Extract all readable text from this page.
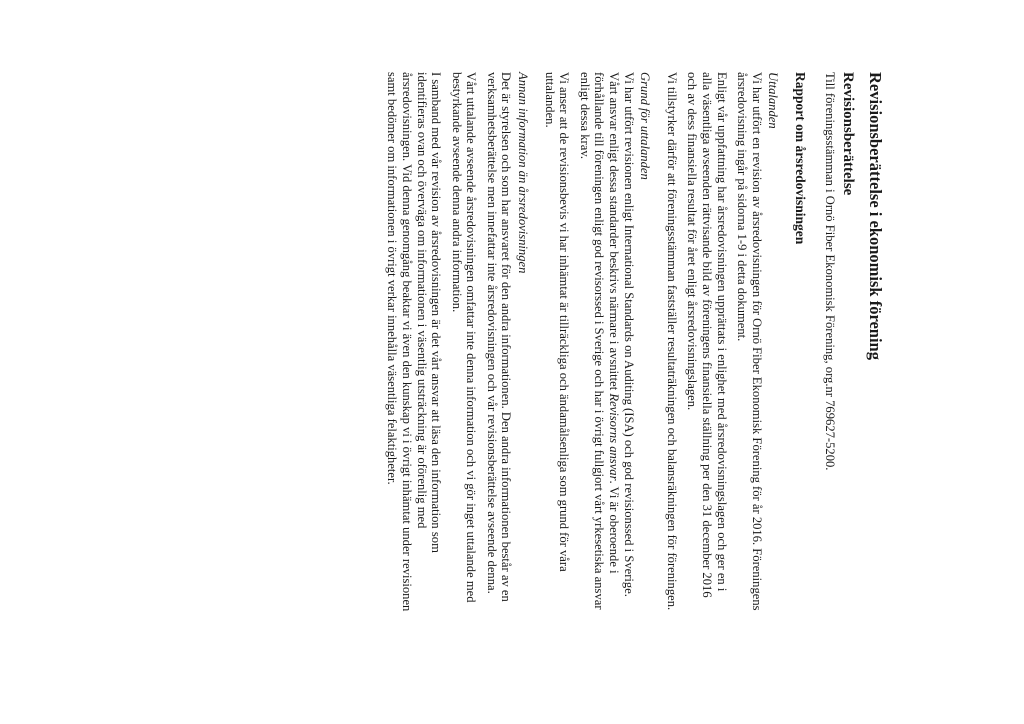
Revisionsberättelse i ekonomisk förening

Revisionsberättelse

Till föreningsstämman i Ornö Fiber Ekonomisk Förening, org.nr 769627-5200.

Rapport om årsredovisningen

Uttalanden

Vi har utfört en revision av årsredovisningen för Ornö Fiber Ekonomisk Förening för år 2016. Föreningens årsredovisning ingår på sidorna 1-9 i detta dokument.

Enligt vår uppfattning har årsredovisningen upprättats i enlighet med årsredovisningslagen och ger en i alla väsentliga avseenden rättvisande bild av föreningens finansiella ställning per den 31 december 2016 och av dess finansiella resultat för året enligt årsredovisningslagen.

Vi tillstyrker därför att föreningsstämman fastställer resultaträkningen och balansräkningen för föreningen.

Grund för uttalanden

Vi har utfört revisionen enligt International Standards on Auditing (ISA) och god revisionssed i Sverige. Vårt ansvar enligt dessa standarder beskrivs närmare i avsnittet Revisorns ansvar. Vi är oberoende i förhållande till föreningen enligt god revisorssed i Sverige och har i övrigt fullgjort vårt yrkesetiska ansvar enligt dessa krav.

Vi anser att de revisionsbevis vi har inhämtat är tillräckliga och ändamålsenliga som grund för våra uttalanden.

Annan information än årsredovisningen

Det är styrelsen och som har ansvaret för den andra informationen. Den andra informationen består av en verksamhetsberättelse men innefattar inte årsredovisningen och vår revisionsberättelse avseende denna.

Vårt uttalande avseende årsredovisningen omfattar inte denna information och vi gör inget uttalande med bestyrkande avseende denna andra information.

I samband med vår revision av årsredovisningen är det vårt ansvar att läsa den information som identifieras ovan och överväga om informationen i väsentlig utsträckning är oförenlig med årsredovisningen. Vid denna genomgång beaktar vi även den kunskap vi i övrigt inhämtat under revisionen samt bedömer om informationen i övrigt verkar innehålla väsentliga felaktigheter.
